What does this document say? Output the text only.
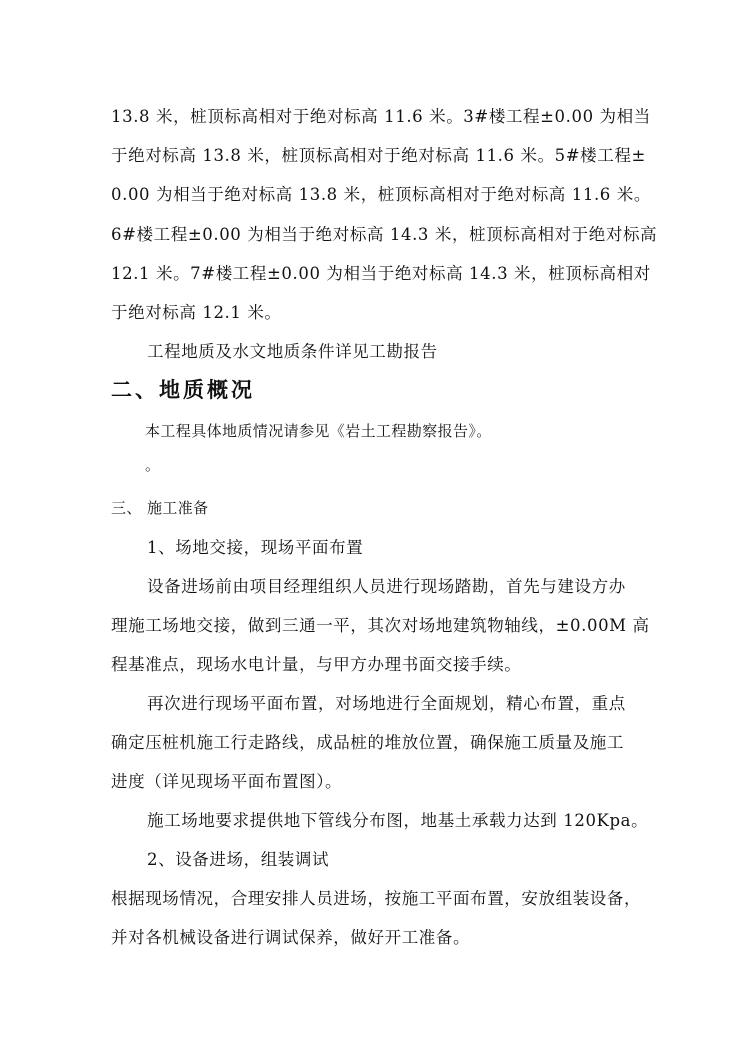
13.8 米，桩顶标高相对于绝对标高 11.6 米。3#楼工程±0.00 为相当
于绝对标高 13.8 米，桩顶标高相对于绝对标高 11.6 米。5#楼工程±
0.00 为相当于绝对标高 13.8 米，桩顶标高相对于绝对标高 11.6 米。
6#楼工程±0.00 为相当于绝对标高 14.3 米，桩顶标高相对于绝对标高
12.1 米。7#楼工程±0.00 为相当于绝对标高 14.3 米，桩顶标高相对
于绝对标高 12.1 米。
工程地质及水文地质条件详见工勘报告
二、地质概况
本工程具体地质情况请参见《岩土工程勘察报告》。
。
三、 施工准备
1、场地交接，现场平面布置
设备进场前由项目经理组织人员进行现场踏勘，首先与建设方办
理施工场地交接，做到三通一平，其次对场地建筑物轴线，±0.00M 高
程基准点，现场水电计量，与甲方办理书面交接手续。
再次进行现场平面布置，对场地进行全面规划，精心布置，重点
确定压桩机施工行走路线，成品桩的堆放位置，确保施工质量及施工
进度（详见现场平面布置图）。
施工场地要求提供地下管线分布图，地基土承载力达到 120Kpa。
2、设备进场，组装调试
根据现场情况，合理安排人员进场，按施工平面布置，安放组装设备，
并对各机械设备进行调试保养，做好开工准备。
